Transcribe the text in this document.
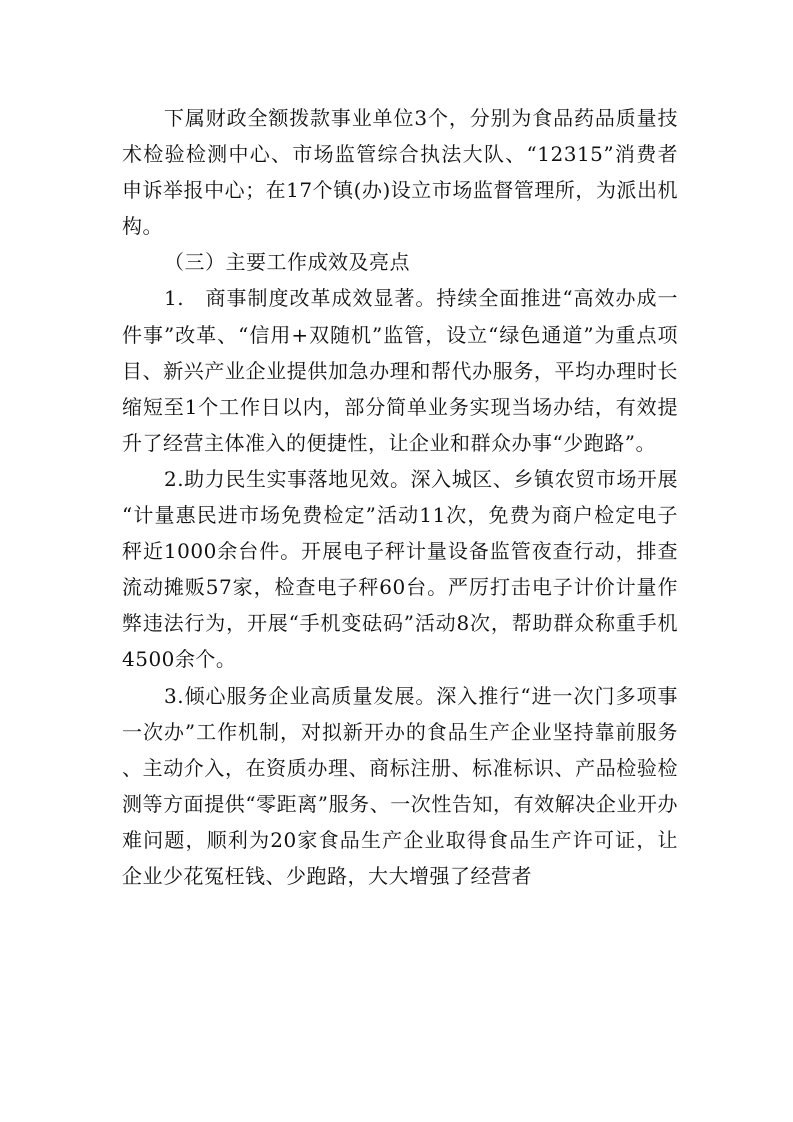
下属财政全额拨款事业单位3个，分别为食品药品质量技术检验检测中心、市场监管综合执法大队、“12315”消费者申诉举报中心；在17个镇(办)设立市场监督管理所，为派出机构。

（三）主要工作成效及亮点

1.　商事制度改革成效显著。持续全面推进“高效办成一件事”改革、“信用+双随机”监管，设立“绿色通道”为重点项目、新兴产业企业提供加急办理和帮代办服务，平均办理时长缩短至1个工作日以内，部分简单业务实现当场办结，有效提升了经营主体准入的便捷性，让企业和群众办事“少跑路”。

2.助力民生实事落地见效。深入城区、乡镇农贸市场开展“计量惠民进市场免费检定”活动11次，免费为商户检定电子秤近1000余台件。开展电子秤计量设备监管夜查行动，排查流动摊贩57家，检查电子秤60台。严厉打击电子计价计量作弊违法行为，开展“手机变砝码”活动8次，帮助群众称重手机4500余个。

3.倾心服务企业高质量发展。深入推行“进一次门多项事一次办”工作机制，对拟新开办的食品生产企业坚持靠前服务、主动介入，在资质办理、商标注册、标准标识、产品检验检测等方面提供“零距离”服务、一次性告知，有效解决企业开办难问题，顺利为20家食品生产企业取得食品生产许可证，让企业少花冤枉钱、少跑路，大大增强了经营者
